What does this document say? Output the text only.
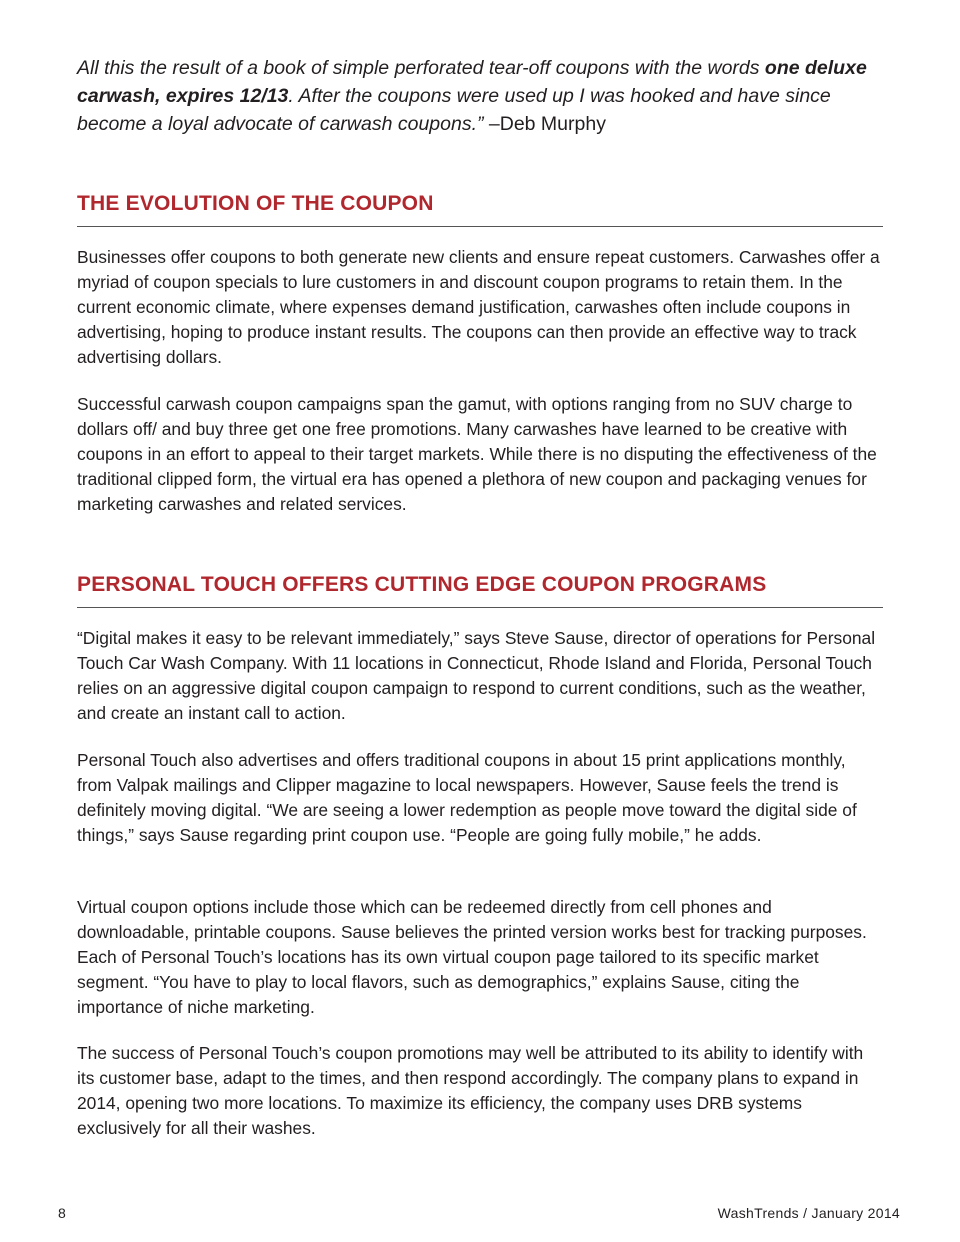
All this the result of a book of simple perforated tear-off coupons with the words one deluxe carwash, expires 12/13. After the coupons were used up I was hooked and have since become a loyal advocate of carwash coupons.” –Deb Murphy

THE EVOLUTION OF THE COUPON

Businesses offer coupons to both generate new clients and ensure repeat customers. Carwashes offer a myriad of coupon specials to lure customers in and discount coupon programs to retain them. In the current economic climate, where expenses demand justification, carwashes often include coupons in advertising, hoping to produce instant results. The coupons can then provide an effective way to track advertising dollars.

Successful carwash coupon campaigns span the gamut, with options ranging from no SUV charge to dollars off/ and buy three get one free promotions. Many carwashes have learned to be creative with coupons in an effort to appeal to their target markets. While there is no disputing the effectiveness of the traditional clipped form, the virtual era has opened a plethora of new coupon and packaging venues for marketing carwashes and related services.

PERSONAL TOUCH OFFERS CUTTING EDGE COUPON PROGRAMS

“Digital makes it easy to be relevant immediately,” says Steve Sause, director of operations for Personal Touch Car Wash Company. With 11 locations in Connecticut, Rhode Island and Florida, Personal Touch relies on an aggressive digital coupon campaign to respond to current conditions, such as the weather, and create an instant call to action.

Personal Touch also advertises and offers traditional coupons in about 15 print applications monthly, from Valpak mailings and Clipper magazine to local newspapers. However, Sause feels the trend is definitely moving digital. “We are seeing a lower redemption as people move toward the digital side of things,” says Sause regarding print coupon use. “People are going fully mobile,” he adds.

Virtual coupon options include those which can be redeemed directly from cell phones and downloadable, printable coupons. Sause believes the printed version works best for tracking purposes. Each of Personal Touch’s locations has its own virtual coupon page tailored to its specific market segment. “You have to play to local flavors, such as demographics,” explains Sause, citing the importance of niche marketing.

The success of Personal Touch’s coupon promotions may well be attributed to its ability to identify with its customer base, adapt to the times, and then respond accordingly. The company plans to expand in 2014, opening two more locations. To maximize its efficiency, the company uses DRB systems exclusively for all their washes.

8	WashTrends / January 2014
